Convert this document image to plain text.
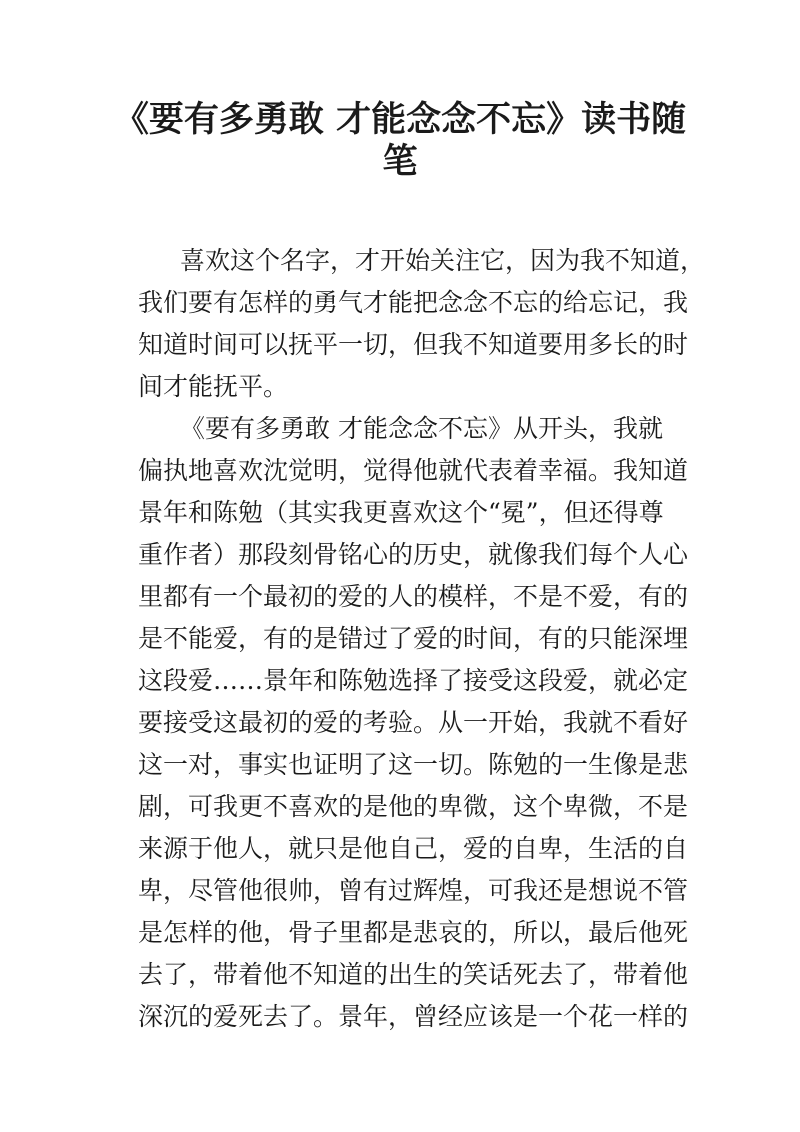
《要有多勇敢 才能念念不忘》读书随
笔
喜欢这个名字，才开始关注它，因为我不知道，
我们要有怎样的勇气才能把念念不忘的给忘记，我
知道时间可以抚平一切，但我不知道要用多长的时
间才能抚平。
《要有多勇敢 才能念念不忘》从开头，我就
偏执地喜欢沈觉明，觉得他就代表着幸福。我知道
景年和陈勉（其实我更喜欢这个“冕”，但还得尊
重作者）那段刻骨铭心的历史，就像我们每个人心
里都有一个最初的爱的人的模样，不是不爱，有的
是不能爱，有的是错过了爱的时间，有的只能深埋
这段爱……景年和陈勉选择了接受这段爱，就必定
要接受这最初的爱的考验。从一开始，我就不看好
这一对，事实也证明了这一切。陈勉的一生像是悲
剧，可我更不喜欢的是他的卑微，这个卑微，不是
来源于他人，就只是他自己，爱的自卑，生活的自
卑，尽管他很帅，曾有过辉煌，可我还是想说不管
是怎样的他，骨子里都是悲哀的，所以，最后他死
去了，带着他不知道的出生的笑话死去了，带着他
深沉的爱死去了。景年，曾经应该是一个花一样的
